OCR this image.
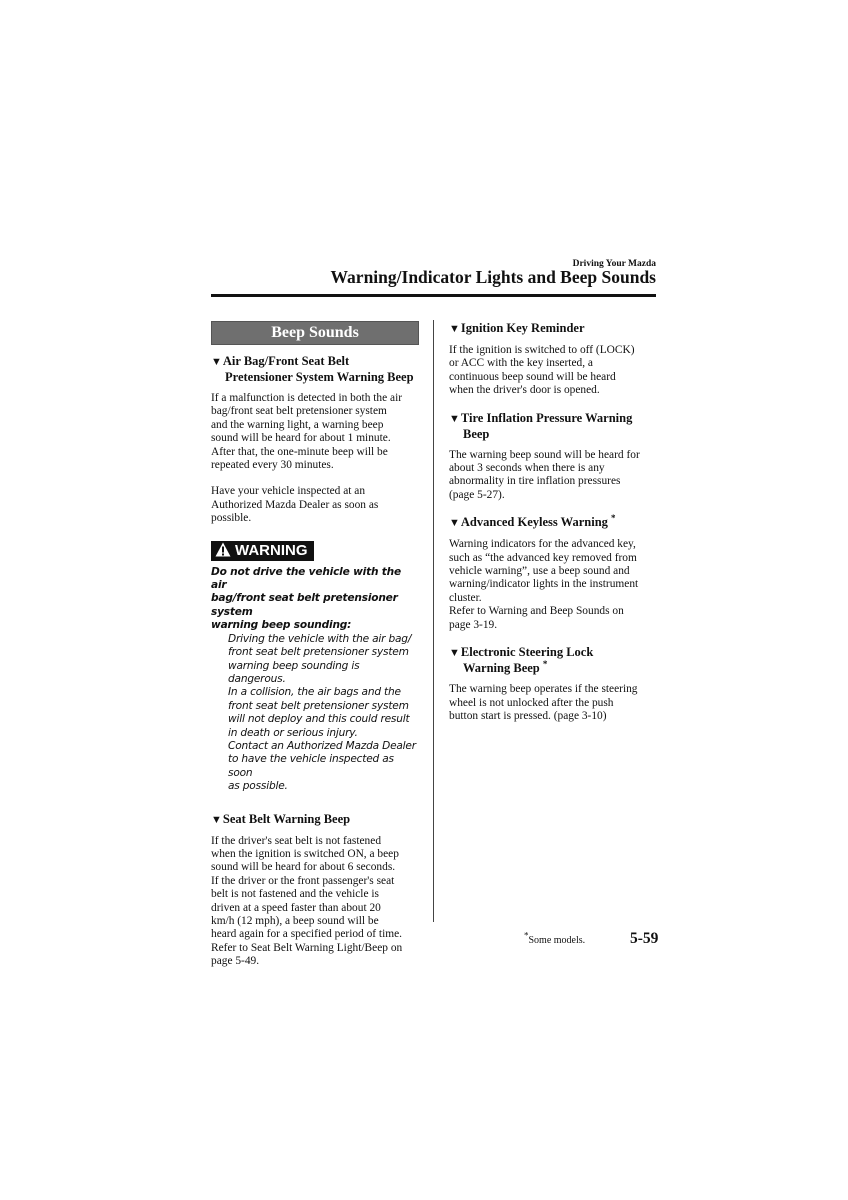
Driving Your Mazda
Warning/Indicator Lights and Beep Sounds
Beep Sounds

▼Air Bag/Front Seat Belt
Pretensioner System Warning Beep

If a malfunction is detected in both the air
bag/front seat belt pretensioner system
and the warning light, a warning beep
sound will be heard for about 1 minute.
After that, the one-minute beep will be
repeated every 30 minutes.

Have your vehicle inspected at an
Authorized Mazda Dealer as soon as
possible.

WARNING

Do not drive the vehicle with the air
bag/front seat belt pretensioner system
warning beep sounding:

Driving the vehicle with the air bag/
front seat belt pretensioner system
warning beep sounding is dangerous.
In a collision, the air bags and the
front seat belt pretensioner system
will not deploy and this could result
in death or serious injury.
Contact an Authorized Mazda Dealer
to have the vehicle inspected as soon
as possible.

▼Seat Belt Warning Beep

If the driver's seat belt is not fastened
when the ignition is switched ON, a beep
sound will be heard for about 6 seconds.
If the driver or the front passenger's seat
belt is not fastened and the vehicle is
driven at a speed faster than about 20
km/h (12 mph), a beep sound will be
heard again for a specified period of time.
Refer to Seat Belt Warning Light/Beep on
page 5-49.

▼Ignition Key Reminder

If the ignition is switched to off (LOCK)
or ACC with the key inserted, a
continuous beep sound will be heard
when the driver's door is opened.

▼Tire Inflation Pressure Warning
Beep

The warning beep sound will be heard for
about 3 seconds when there is any
abnormality in tire inflation pressures
(page 5-27).

▼Advanced Keyless Warning *

Warning indicators for the advanced key,
such as “the advanced key removed from
vehicle warning”, use a beep sound and
warning/indicator lights in the instrument
cluster.
Refer to Warning and Beep Sounds on
page 3-19.

▼Electronic Steering Lock
Warning Beep *

The warning beep operates if the steering
wheel is not unlocked after the push
button start is pressed. (page 3-10)

*Some models.	5-59
